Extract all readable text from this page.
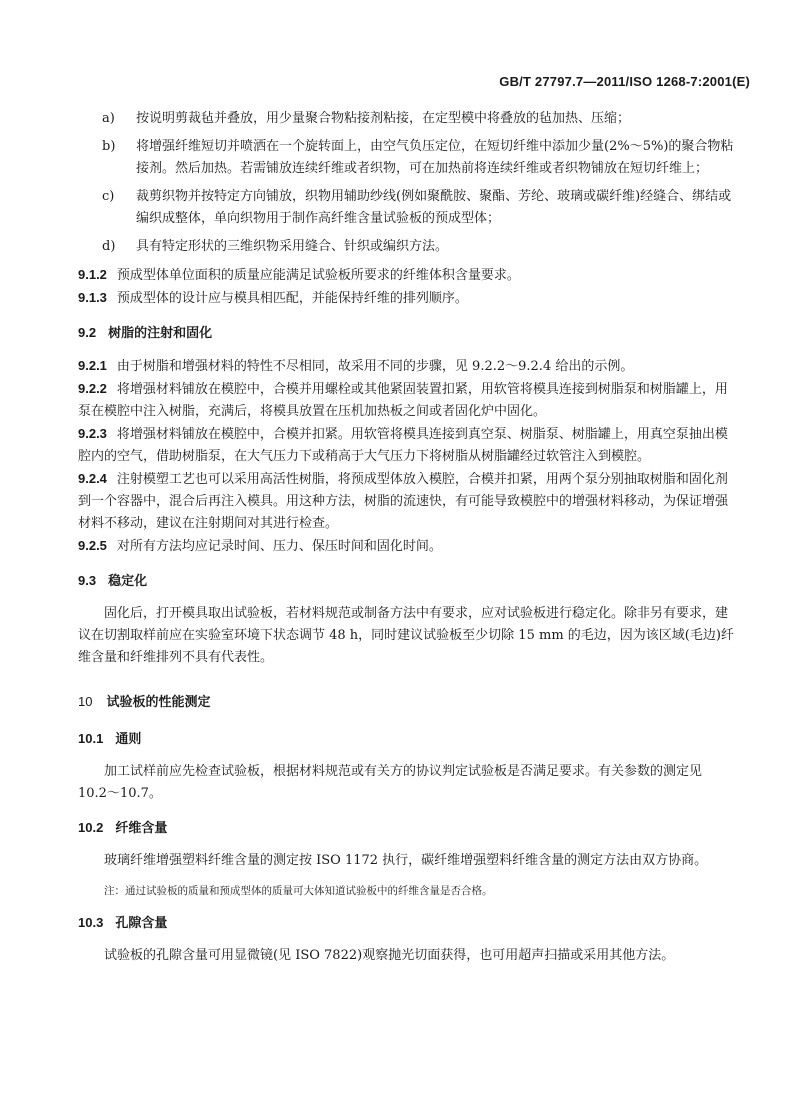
GB/T 27797.7—2011/ISO 1268-7:2001(E)
a)	按说明剪裁毡并叠放，用少量聚合物粘接剂粘接，在定型模中将叠放的毡加热、压缩；
b)	将增强纤维短切并喷洒在一个旋转面上，由空气负压定位，在短切纤维中添加少量(2%～5%)的聚合物粘接剂。然后加热。若需铺放连续纤维或者织物，可在加热前将连续纤维或者织物铺放在短切纤维上；
c)	裁剪织物并按特定方向铺放，织物用辅助纱线(例如聚酰胺、聚酯、芳纶、玻璃或碳纤维)经缝合、绑结或编织成整体，单向织物用于制作高纤维含量试验板的预成型体；
d)	具有特定形状的三维织物采用缝合、针织或编织方法。
9.1.2 预成型体单位面积的质量应能满足试验板所要求的纤维体积含量要求。
9.1.3 预成型体的设计应与模具相匹配，并能保持纤维的排列顺序。
9.2 树脂的注射和固化
9.2.1 由于树脂和增强材料的特性不尽相同，故采用不同的步骤，见 9.2.2～9.2.4 给出的示例。
9.2.2 将增强材料铺放在模腔中，合模并用螺栓或其他紧固装置扣紧，用软管将模具连接到树脂泵和树脂罐上，用泵在模腔中注入树脂，充满后，将模具放置在压机加热板之间或者固化炉中固化。
9.2.3 将增强材料铺放在模腔中，合模并扣紧。用软管将模具连接到真空泵、树脂泵、树脂罐上，用真空泵抽出模腔内的空气，借助树脂泵，在大气压力下或稍高于大气压力下将树脂从树脂罐经过软管注入到模腔。
9.2.4 注射模塑工艺也可以采用高活性树脂，将预成型体放入模腔，合模并扣紧，用两个泵分别抽取树脂和固化剂到一个容器中，混合后再注入模具。用这种方法，树脂的流速快，有可能导致模腔中的增强材料移动，为保证增强材料不移动，建议在注射期间对其进行检查。
9.2.5 对所有方法均应记录时间、压力、保压时间和固化时间。
9.3 稳定化
固化后，打开模具取出试验板，若材料规范或制备方法中有要求，应对试验板进行稳定化。除非另有要求，建议在切割取样前应在实验室环境下状态调节 48 h，同时建议试验板至少切除 15 mm 的毛边，因为该区域(毛边)纤维含量和纤维排列不具有代表性。
10 试验板的性能测定
10.1 通则
加工试样前应先检查试验板，根据材料规范或有关方的协议判定试验板是否满足要求。有关参数的测定见 10.2～10.7。
10.2 纤维含量
玻璃纤维增强塑料纤维含量的测定按 ISO 1172 执行，碳纤维增强塑料纤维含量的测定方法由双方协商。
注：通过试验板的质量和预成型体的质量可大体知道试验板中的纤维含量是否合格。
10.3 孔隙含量
试验板的孔隙含量可用显微镜(见 ISO 7822)观察抛光切面获得，也可用超声扫描或采用其他方法。
